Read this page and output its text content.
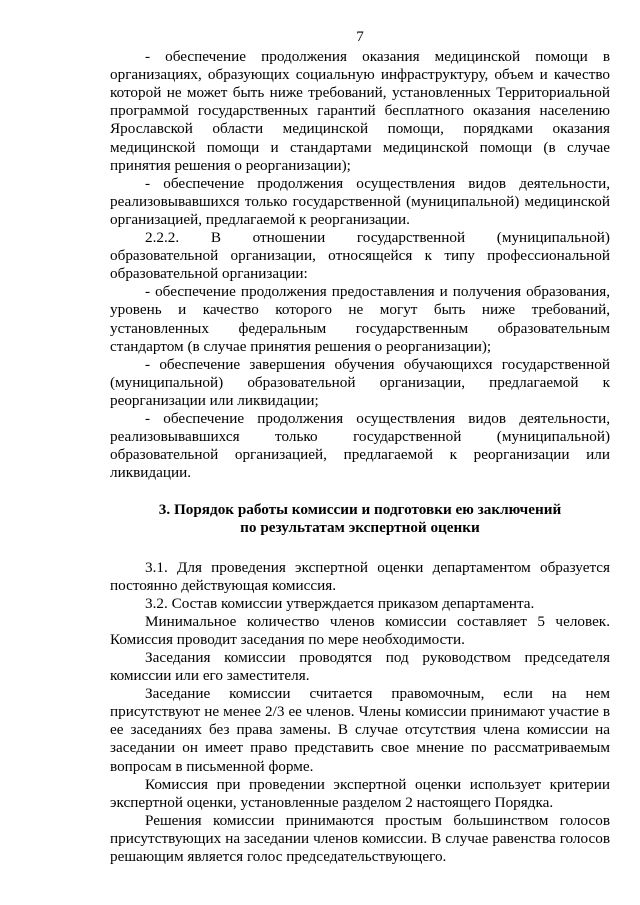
7

- обеспечение продолжения оказания медицинской помощи в организациях, образующих социальную инфраструктуру, объем и качество которой не может быть ниже требований, установленных Территориальной программой государственных гарантий бесплатного оказания населению Ярославской области медицинской помощи, порядками оказания медицинской помощи и стандартами медицинской помощи (в случае принятия решения о реорганизации);

- обеспечение продолжения осуществления видов деятельности, реализовывавшихся только государственной (муниципальной) медицинской организацией, предлагаемой к реорганизации.

2.2.2. В отношении государственной (муниципальной) образовательной организации, относящейся к типу профессиональной образовательной организации:

- обеспечение продолжения предоставления и получения образования, уровень и качество которого не могут быть ниже требований, установленных федеральным государственным образовательным стандартом (в случае принятия решения о реорганизации);

- обеспечение завершения обучения обучающихся государственной (муниципальной) образовательной организации, предлагаемой к реорганизации или ликвидации;

- обеспечение продолжения осуществления видов деятельности, реализовывавшихся только государственной (муниципальной) образовательной организацией, предлагаемой к реорганизации или ликвидации.

3. Порядок работы комиссии и подготовки ею заключений

по результатам экспертной оценки

3.1. Для проведения экспертной оценки департаментом образуется постоянно действующая комиссия.

3.2. Состав комиссии утверждается приказом департамента.

Минимальное количество членов комиссии составляет 5 человек. Комиссия проводит заседания по мере необходимости.

Заседания комиссии проводятся под руководством председателя комиссии или его заместителя.

Заседание комиссии считается правомочным, если на нем присутствуют не менее 2/3 ее членов. Члены комиссии принимают участие в ее заседаниях без права замены. В случае отсутствия члена комиссии на заседании он имеет право представить свое мнение по рассматриваемым вопросам в письменной форме.

Комиссия при проведении экспертной оценки использует критерии экспертной оценки, установленные разделом 2 настоящего Порядка.

Решения комиссии принимаются простым большинством голосов присутствующих на заседании членов комиссии. В случае равенства голосов решающим является голос председательствующего.
